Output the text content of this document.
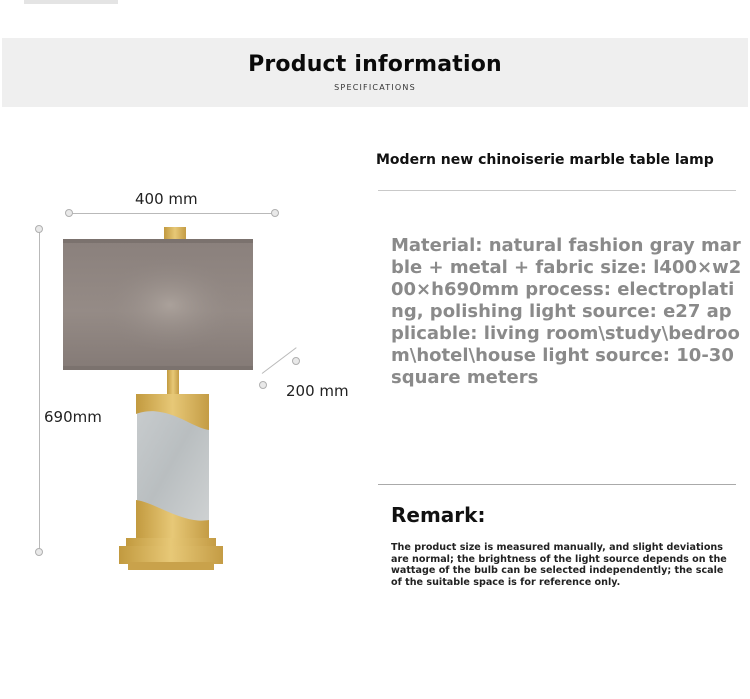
Product information
SPECIFICATIONS
400 mm
690mm
200 mm
Modern new chinoiserie marble table lamp
Material: natural fashion gray marble + metal + fabric size: l400×w200×h690mm process: electroplating, polishing light source: e27 applicable: living room\study\bedroom\hotel\house light source: 10-30 square meters
Remark:
The product size is measured manually, and slight deviations are normal; the brightness of the light source depends on the wattage of the bulb can be selected independently; the scale of the suitable space is for reference only.
